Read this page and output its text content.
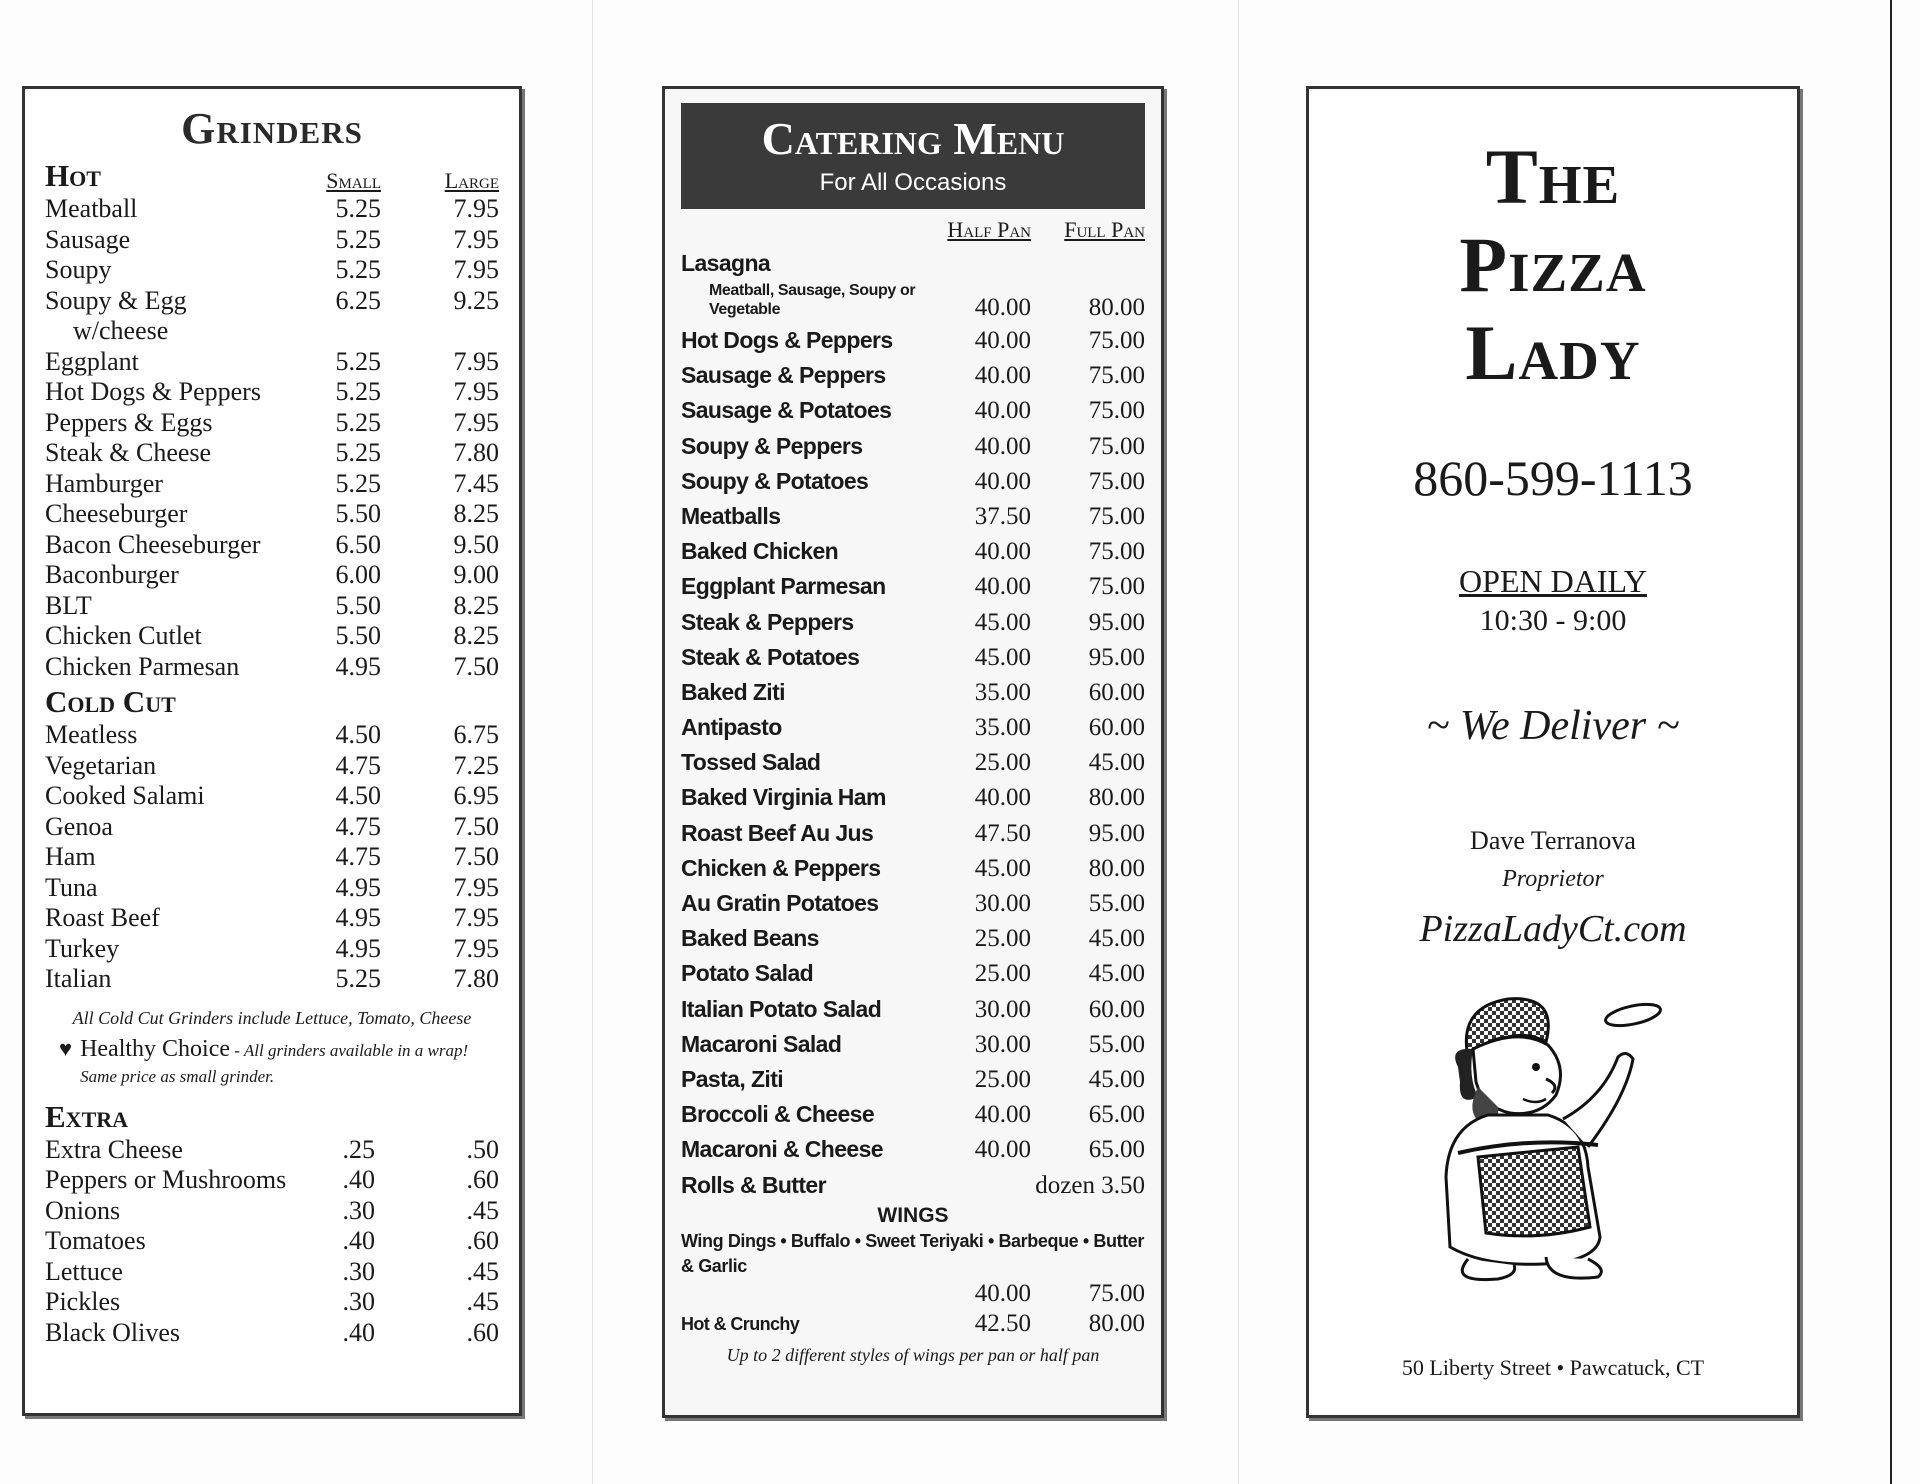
Grinders
Hot	Small	Large
Meatball	5.25	7.95
Sausage	5.25	7.95
Soupy	5.25	7.95
Soupy & Egg	6.25	9.25
w/cheese
Eggplant	5.25	7.95
Hot Dogs & Peppers	5.25	7.95
Peppers & Eggs	5.25	7.95
Steak & Cheese	5.25	7.80
Hamburger	5.25	7.45
Cheeseburger	5.50	8.25
Bacon Cheeseburger	6.50	9.50
Baconburger	6.00	9.00
BLT	5.50	8.25
Chicken Cutlet	5.50	8.25
Chicken Parmesan	4.95	7.50
Cold Cut
Meatless	4.50	6.75
Vegetarian	4.75	7.25
Cooked Salami	4.50	6.95
Genoa	4.75	7.50
Ham	4.75	7.50
Tuna	4.95	7.95
Roast Beef	4.95	7.95
Turkey	4.95	7.95
Italian	5.25	7.80
All Cold Cut Grinders include Lettuce, Tomato, Cheese
♥ Healthy Choice - All grinders available in a wrap! Same price as small grinder.
Extra
Extra Cheese	.25	.50
Peppers or Mushrooms	.40	.60
Onions	.30	.45
Tomatoes	.40	.60
Lettuce	.30	.45
Pickles	.30	.45
Black Olives	.40	.60
Catering Menu
For All Occasions
Half Pan	Full Pan
Lasagna
Meatball, Sausage, Soupy or Vegetable	40.00	80.00
Hot Dogs & Peppers	40.00	75.00
Sausage & Peppers	40.00	75.00
Sausage & Potatoes	40.00	75.00
Soupy & Peppers	40.00	75.00
Soupy & Potatoes	40.00	75.00
Meatballs	37.50	75.00
Baked Chicken	40.00	75.00
Eggplant Parmesan	40.00	75.00
Steak & Peppers	45.00	95.00
Steak & Potatoes	45.00	95.00
Baked Ziti	35.00	60.00
Antipasto	35.00	60.00
Tossed Salad	25.00	45.00
Baked Virginia Ham	40.00	80.00
Roast Beef Au Jus	47.50	95.00
Chicken & Peppers	45.00	80.00
Au Gratin Potatoes	30.00	55.00
Baked Beans	25.00	45.00
Potato Salad	25.00	45.00
Italian Potato Salad	30.00	60.00
Macaroni Salad	30.00	55.00
Pasta, Ziti	25.00	45.00
Broccoli & Cheese	40.00	65.00
Macaroni & Cheese	40.00	65.00
Rolls & Butter	dozen 3.50
WINGS
Wing Dings • Buffalo • Sweet Teriyaki • Barbeque • Butter & Garlic
40.00	75.00
Hot & Crunchy	42.50	80.00
Up to 2 different styles of wings per pan or half pan
The
Pizza
Lady
860-599-1113
OPEN DAILY
10:30 - 9:00
~ We Deliver ~
Dave Terranova
Proprietor
PizzaLadyCt.com
50 Liberty Street • Pawcatuck, CT
